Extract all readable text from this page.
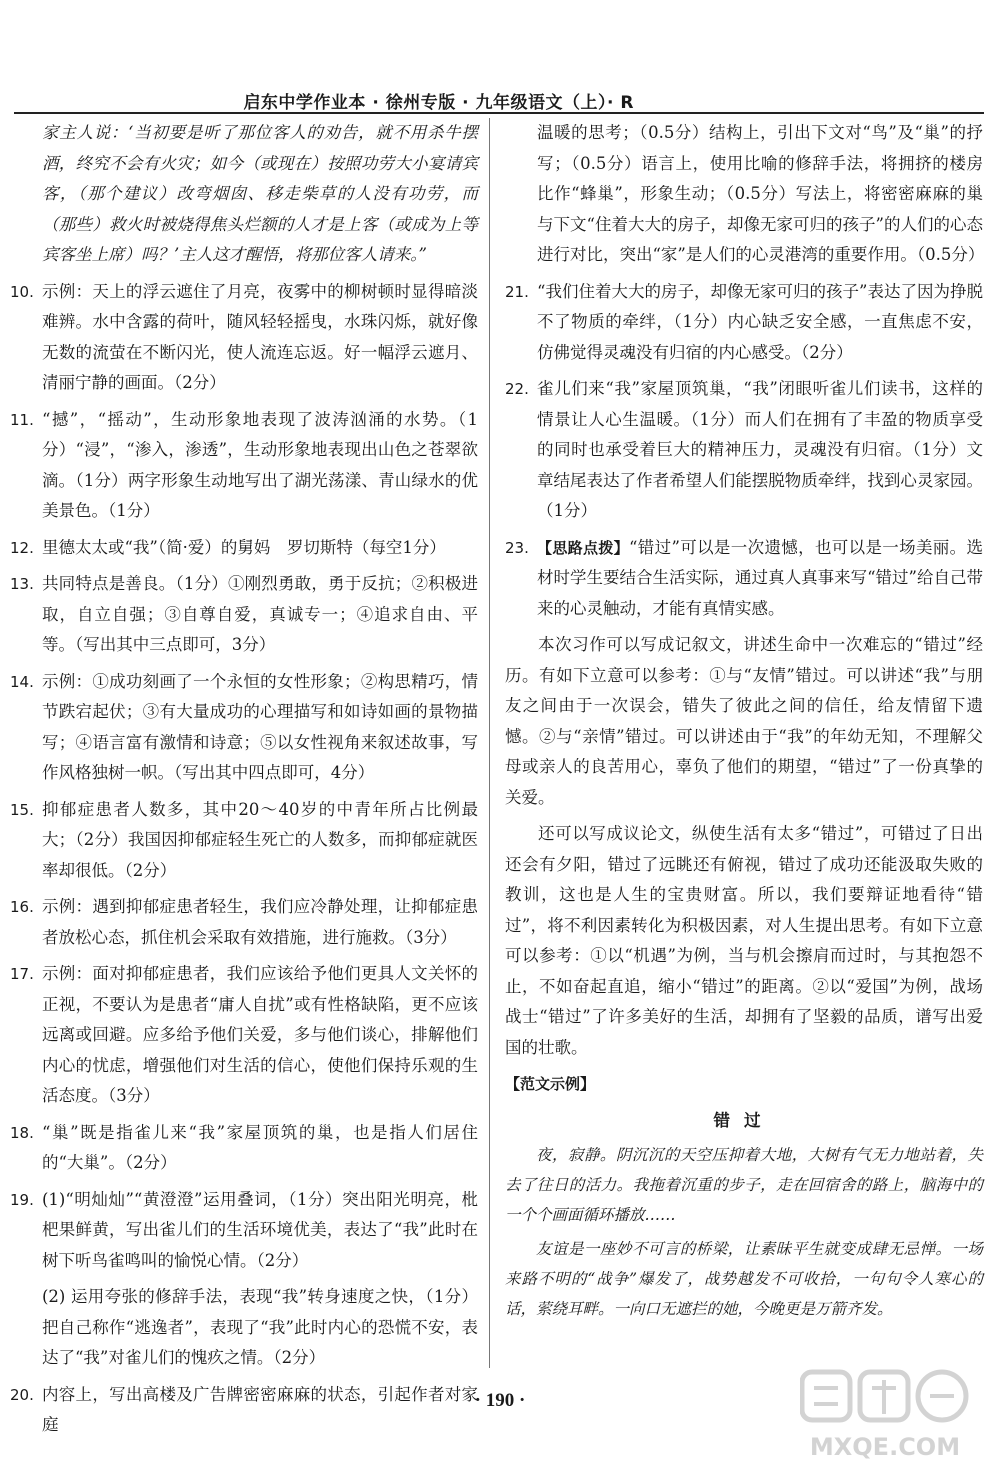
启东中学作业本 · 徐州专版 · 九年级语文（上）· R
家主人说：‘当初要是听了那位客人的劝告，就不用杀牛摆酒，终究不会有火灾；如今（或现在）按照功劳大小宴请宾客，（那个建议）改弯烟囱、移走柴草的人没有功劳，而（那些）救火时被烧得焦头烂额的人才是上客（或成为上等宾客坐上席）吗？’主人这才醒悟，将那位客人请来。”
10. 示例：天上的浮云遮住了月亮，夜雾中的柳树顿时显得暗淡难辨。水中含露的荷叶，随风轻轻摇曳，水珠闪烁，就好像无数的流萤在不断闪光，使人流连忘返。好一幅浮云遮月、清丽宁静的画面。（2分）
11. “撼”，“摇动”，生动形象地表现了波涛汹涌的水势。（1分）“浸”，“渗入，渗透”，生动形象地表现出山色之苍翠欲滴。（1分）两字形象生动地写出了湖光荡漾、青山绿水的优美景色。（1分）
12. 里德太太或“我”（简·爱）的舅妈　罗切斯特（每空1分）
13. 共同特点是善良。（1分）①刚烈勇敢，勇于反抗；②积极进取，自立自强；③自尊自爱，真诚专一；④追求自由、平等。（写出其中三点即可，3分）
14. 示例：①成功刻画了一个永恒的女性形象；②构思精巧，情节跌宕起伏；③有大量成功的心理描写和如诗如画的景物描写；④语言富有激情和诗意；⑤以女性视角来叙述故事，写作风格独树一帜。（写出其中四点即可，4分）
15. 抑郁症患者人数多，其中20～40岁的中青年所占比例最大；（2分）我国因抑郁症轻生死亡的人数多，而抑郁症就医率却很低。（2分）
16. 示例：遇到抑郁症患者轻生，我们应冷静处理，让抑郁症患者放松心态，抓住机会采取有效措施，进行施救。（3分）
17. 示例：面对抑郁症患者，我们应该给予他们更具人文关怀的正视，不要认为是患者“庸人自扰”或有性格缺陷，更不应该远离或回避。应多给予他们关爱，多与他们谈心，排解他们内心的忧虑，增强他们对生活的信心，使他们保持乐观的生活态度。（3分）
18. “巢”既是指雀儿来“我”家屋顶筑的巢，也是指人们居住的“大巢”。（2分）
19. (1)“明灿灿”“黄澄澄”运用叠词，（1分）突出阳光明亮，枇杷果鲜黄，写出雀儿们的生活环境优美，表达了“我”此时在树下听鸟雀鸣叫的愉悦心情。（2分）
(2) 运用夸张的修辞手法，表现“我”转身速度之快，（1分）把自己称作“逃逸者”，表现了“我”此时内心的恐慌不安，表达了“我”对雀儿们的愧疚之情。（2分）
20. 内容上，写出高楼及广告牌密密麻麻的状态，引起作者对家庭
温暖的思考；（0.5分）结构上，引出下文对“鸟”及“巢”的抒写；（0.5分）语言上，使用比喻的修辞手法，将拥挤的楼房比作“蜂巢”，形象生动；（0.5分）写法上，将密密麻麻的巢与下文“住着大大的房子，却像无家可归的孩子”的人们的心态进行对比，突出“家”是人们的心灵港湾的重要作用。（0.5分）
21. “我们住着大大的房子，却像无家可归的孩子”表达了因为挣脱不了物质的牵绊，（1分）内心缺乏安全感，一直焦虑不安，仿佛觉得灵魂没有归宿的内心感受。（2分）
22. 雀儿们来“我”家屋顶筑巢，“我”闭眼听雀儿们读书，这样的情景让人心生温暖。（1分）而人们在拥有了丰盈的物质享受的同时也承受着巨大的精神压力，灵魂没有归宿。（1分）文章结尾表达了作者希望人们能摆脱物质牵绊，找到心灵家园。（1分）
23. 【思路点拨】“错过”可以是一次遗憾，也可以是一场美丽。选材时学生要结合生活实际，通过真人真事来写“错过”给自己带来的心灵触动，才能有真情实感。
本次习作可以写成记叙文，讲述生命中一次难忘的“错过”经历。有如下立意可以参考：①与“友情”错过。可以讲述“我”与朋友之间由于一次误会，错失了彼此之间的信任，给友情留下遗憾。②与“亲情”错过。可以讲述由于“我”的年幼无知，不理解父母或亲人的良苦用心，辜负了他们的期望，“错过”了一份真挚的关爱。
还可以写成议论文，纵使生活有太多“错过”，可错过了日出还会有夕阳，错过了远眺还有俯视，错过了成功还能汲取失败的教训，这也是人生的宝贵财富。所以，我们要辩证地看待“错过”，将不利因素转化为积极因素，对人生提出思考。有如下立意可以参考：①以“机遇”为例，当与机会擦肩而过时，与其抱怨不止，不如奋起直追，缩小“错过”的距离。②以“爱国”为例，战场战士“错过”了许多美好的生活，却拥有了坚毅的品质，谱写出爱国的壮歌。
【范文示例】
错过
夜，寂静。阴沉沉的天空压抑着大地，大树有气无力地站着，失去了往日的活力。我拖着沉重的步子，走在回宿舍的路上，脑海中的一个个画面循环播放……
友谊是一座妙不可言的桥梁，让素昧平生就变成肆无忌惮。一场来路不明的“战争”爆发了，战势越发不可收拾，一句句令人寒心的话，萦绕耳畔。一向口无遮拦的她，今晚更是万箭齐发。
· 190 ·
MXQE.COM
